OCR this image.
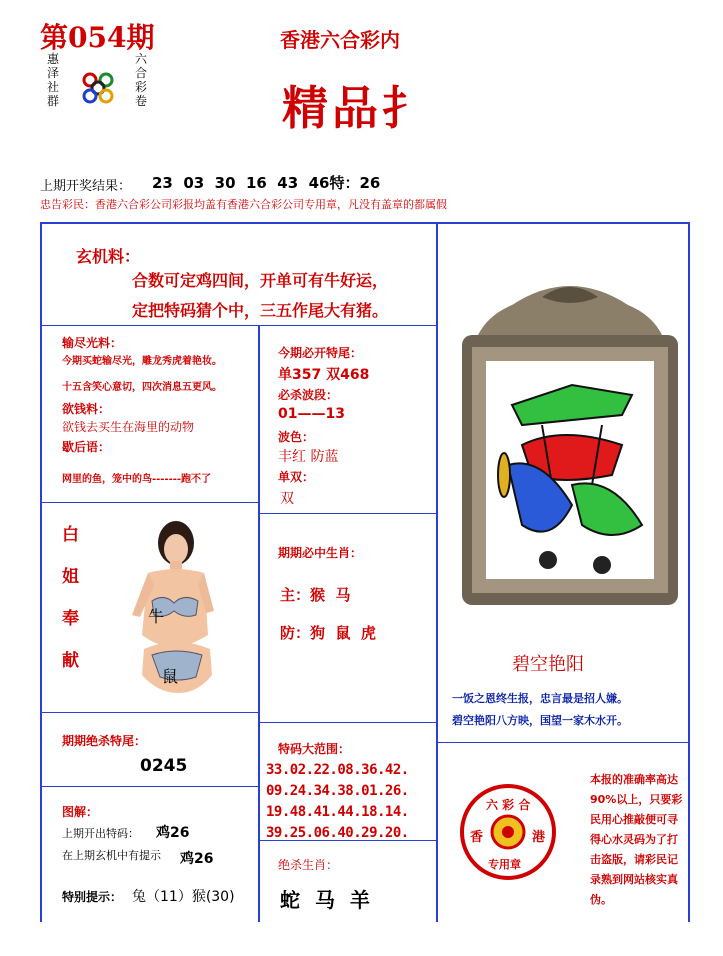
第054期
惠
泽
社
群
六
合
彩
卷
香港六合彩内
精品扌
上期开奖结果： 23  03  30  16  43  46特：26
忠告彩民：香港六合彩公司彩报均盖有香港六合彩公司专用章，凡没有盖章的都属假
玄机料：
合数可定鸡四间，开单可有牛好运，
定把特码猜个中，三五作尾大有猪。
输尽光料：
今期买蛇输尽光，雕龙秀虎着艳妆。
十五含笑心意切，四次消息五更风。
欲钱料：
欲钱去买生在海里的动物
歇后语：
网里的鱼，笼中的鸟-------跑不了
今期必开特尾：
单357 双468
必杀波段：
01——13
波色：
丰红 防蓝
单双：
双
白
姐
奉
献
牛
鼠
期期必中生肖：
主：猴  马
防：狗  鼠  虎
碧空艳阳
一饭之恩终生报，忠言最是招人嫌。
碧空艳阳八方映，国望一家木水开。
期期绝杀特尾：
0245
特码大范围：
33.02.22.08.36.42.
09.24.34.38.01.26.
19.48.41.44.18.14.
39.25.06.40.29.20.
图解：
上期开出特码： 鸡26
在上期玄机中有提示 鸡26
特别提示： 兔（11）猴(30)
绝杀生肖：
蛇 马 羊
六 彩 合
香	港
专用章
本报的准确率高达90%以上，只要彩民用心推敲便可寻得心水灵码为了打击盗版，请彩民记录熟到网站核实真伪。
